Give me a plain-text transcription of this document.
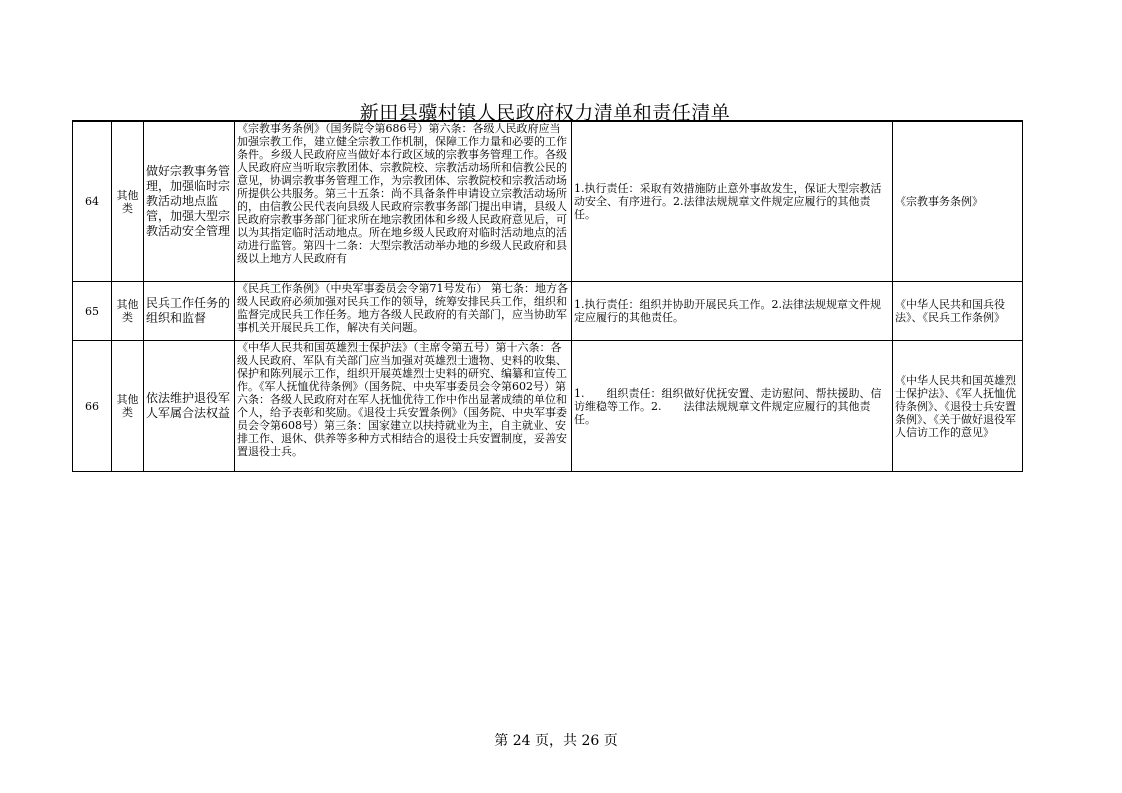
新田县骥村镇人民政府权力清单和责任清单
64	其他类	做好宗教事务管理，加强临时宗教活动地点监管，加强大型宗教活动安全管理	《宗教事务条例》（国务院令第686号）第六条：各级人民政府应当加强宗教工作，建立健全宗教工作机制，保障工作力量和必要的工作条件。乡级人民政府应当做好本行政区域的宗教事务管理工作。各级人民政府应当听取宗教团体、宗教院校、宗教活动场所和信教公民的意见，协调宗教事务管理工作，为宗教团体、宗教院校和宗教活动场所提供公共服务。第三十五条：尚不具备条件申请设立宗教活动场所的，由信教公民代表向县级人民政府宗教事务部门提出申请，县级人民政府宗教事务部门征求所在地宗教团体和乡级人民政府意见后，可以为其指定临时活动地点。所在地乡级人民政府对临时活动地点的活动进行监管。第四十二条：大型宗教活动举办地的乡级人民政府和县级以上地方人民政府有	1.执行责任：采取有效措施防止意外事故发生，保证大型宗教活动安全、有序进行。2.法律法规规章文件规定应履行的其他责任。	《宗教事务条例》
65	其他类	民兵工作任务的组织和监督	《民兵工作条例》（中央军事委员会令第71号发布） 第七条：地方各级人民政府必须加强对民兵工作的领导，统筹安排民兵工作，组织和监督完成民兵工作任务。地方各级人民政府的有关部门，应当协助军事机关开展民兵工作，解决有关问题。	1.执行责任：组织并协助开展民兵工作。2.法律法规规章文件规定应履行的其他责任。	《中华人民共和国兵役法》、《民兵工作条例》
66	其他类	依法维护退役军人军属合法权益	《中华人民共和国英雄烈士保护法》（主席令第五号）第十六条：各级人民政府、军队有关部门应当加强对英雄烈士遗物、史料的收集、保护和陈列展示工作，组织开展英雄烈士史料的研究、编纂和宣传工作。《军人抚恤优待条例》（国务院、中央军事委员会令第602号）第六条：各级人民政府对在军人抚恤优待工作中作出显著成绩的单位和个人，给予表彰和奖励。《退役士兵安置条例》（国务院、中央军事委员会令第608号）第三条：国家建立以扶持就业为主，自主就业、安排工作、退休、供养等多种方式相结合的退役士兵安置制度，妥善安置退役士兵。	1.　　组织责任：组织做好优抚安置、走访慰问、帮扶援助、信访维稳等工作。2.　　法律法规规章文件规定应履行的其他责任。	《中华人民共和国英雄烈士保护法》、《军人抚恤优待条例》、《退役士兵安置条例》、《关于做好退役军人信访工作的意见》
第 24 页，共 26 页
